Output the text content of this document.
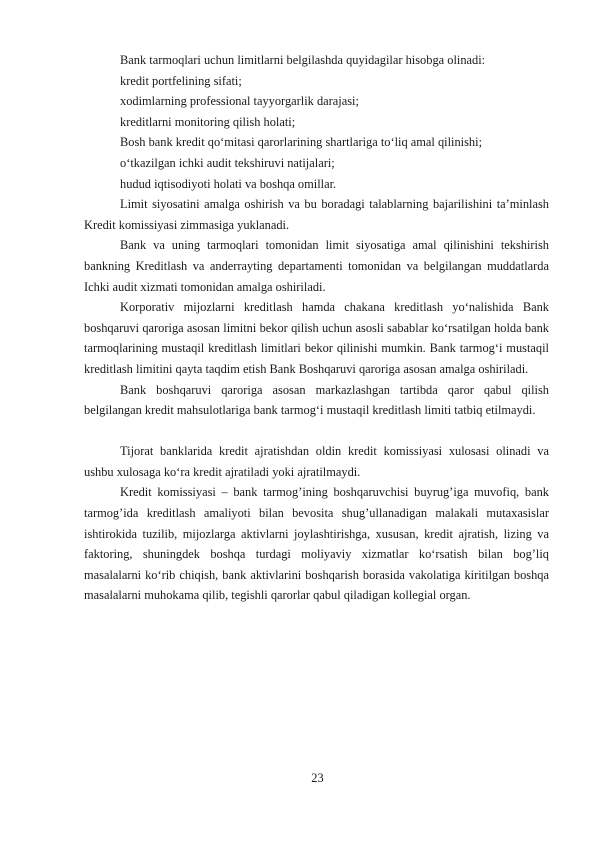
Bank tarmoqlari uchun limitlarni belgilashda quyidagilar hisobga olinadi:
kredit portfelining sifati;
xodimlarning professional tayyorgarlik darajasi;
kreditlarni monitoring qilish holati;
Bosh bank kredit qo‘mitasi qarorlarining shartlariga to‘liq amal qilinishi;
o‘tkazilgan ichki audit tekshiruvi natijalari;
hudud iqtisodiyoti holati va boshqa omillar.

Limit siyosatini amalga oshirish va bu boradagi talablarning bajarilishini ta’minlash Kredit komissiyasi zimmasiga yuklanadi.

Bank va uning tarmoqlari tomonidan limit siyosatiga amal qilinishini tekshirish bankning Kreditlash va anderrayting departamenti tomonidan va belgilangan muddatlarda Ichki audit xizmati tomonidan amalga oshiriladi.

Korporativ mijozlarni kreditlash hamda chakana kreditlash yo‘nalishida Bank boshqaruvi qaroriga asosan limitni bekor qilish uchun asosli sabablar ko‘rsatilgan holda bank tarmoqlarining mustaqil kreditlash limitlari bekor qilinishi mumkin. Bank tarmog‘i mustaqil kreditlash limitini qayta taqdim etish Bank Boshqaruvi qaroriga asosan amalga oshiriladi.

Bank boshqaruvi qaroriga asosan markazlashgan tartibda qaror qabul qilish belgilangan kredit mahsulotlariga bank tarmog‘i mustaqil kreditlash limiti tatbiq etilmaydi.

Tijorat banklarida kredit ajratishdan oldin kredit komissiyasi xulosasi olinadi va ushbu xulosaga ko‘ra kredit ajratiladi yoki ajratilmaydi.

Kredit komissiyasi – bank tarmog’ining boshqaruvchisi buyrug’iga muvofiq, bank tarmog’ida kreditlash amaliyoti bilan bevosita shug’ullanadigan malakali mutaxasislar ishtirokida tuzilib, mijozlarga aktivlarni joylashtirishga, xususan, kredit ajratish, lizing va faktoring, shuningdek boshqa turdagi moliyaviy xizmatlar ko‘rsatish bilan bog’liq masalalarni ko‘rib chiqish, bank aktivlarini boshqarish borasida vakolatiga kiritilgan boshqa masalalarni muhokama qilib, tegishli qarorlar qabul qiladigan kollegial organ.

23
